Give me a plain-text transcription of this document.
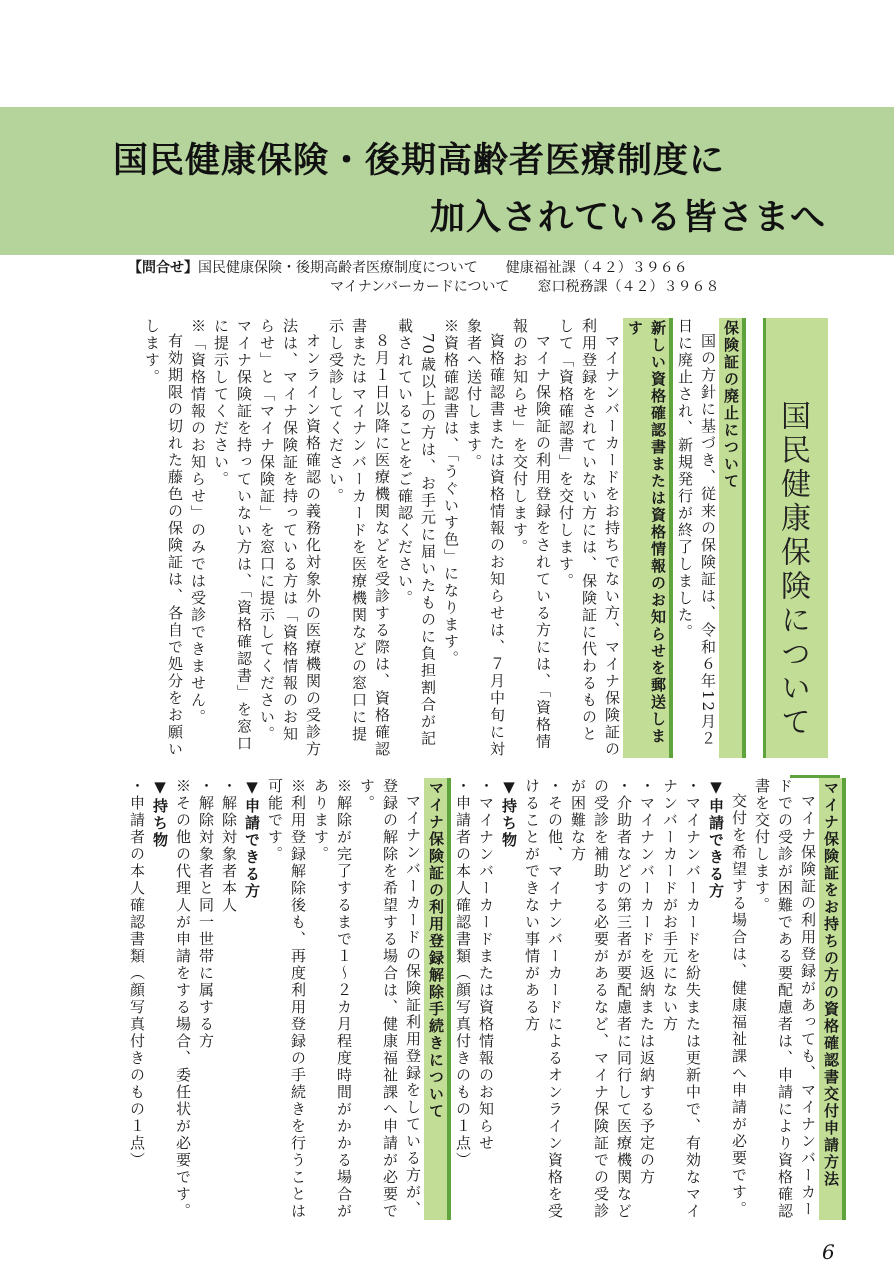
国民健康保険・後期高齢者医療制度に
加入されている皆さまへ
【問合せ】国民健康保険・後期高齢者医療制度について　　健康福祉課（４２）３９６６
マイナンバーカードについて　　窓口税務課（４２）３９６８
国民健康保険について
保険証の廃止について

国の方針に基づき、従来の保険証は、令和６年12月２日に廃止され、新規発行が終了しました。

新しい資格確認書または資格情報のお知らせを郵送します

マイナンバーカードをお持ちでない方、マイナ保険証の利用登録をされていない方には、保険証に代わるものとして「資格確認書」を交付します。

マイナ保険証の利用登録をされている方には、「資格情報のお知らせ」を交付します。

資格確認書または資格情報のお知らせは、７月中旬に対象者へ送付します。

※資格確認書は、「うぐいす色」になります。

70歳以上の方は、お手元に届いたものに負担割合が記載されていることをご確認ください。

８月１日以降に医療機関などを受診する際は、資格確認書またはマイナンバーカードを医療機関などの窓口に提示し受診してください。

オンライン資格確認の義務化対象外の医療機関の受診方法は、マイナ保険証を持っている方は「資格情報のお知らせ」と「マイナ保険証」を窓口に提示してください。マイナ保険証を持っていない方は、「資格確認書」を窓口に提示してください。

※「資格情報のお知らせ」のみでは受診できません。

有効期限の切れた藤色の保険証は、各自で処分をお願いします。

マイナ保険証をお持ちの方の資格確認書交付申請方法

マイナ保険証の利用登録があっても、マイナンバーカードでの受診が困難である要配慮者は、申請により資格確認書を交付します。

交付を希望する場合は、健康福祉課へ申請が必要です。

▼申請できる方

・マイナンバーカードを紛失または更新中で、有効なマイナンバーカードがお手元にない方

・マイナンバーカードを返納または返納する予定の方

・介助者などの第三者が要配慮者に同行して医療機関などの受診を補助する必要があるなど、マイナ保険証での受診が困難な方

・その他、マイナンバーカードによるオンライン資格を受けることができない事情がある方

▼持ち物

・マイナンバーカードまたは資格情報のお知らせ

・申請者の本人確認書類（顔写真付きのもの１点）

マイナ保険証の利用登録解除手続きについて

マイナンバーカードの保険証利用登録をしている方が、登録の解除を希望する場合は、健康福祉課へ申請が必要です。

※解除が完了するまで１～２カ月程度時間がかかる場合があります。

※利用登録解除後も、再度利用登録の手続きを行うことは可能です。

▼申請できる方

・解除対象者本人

・解除対象者と同一世帯に属する方

※その他の代理人が申請をする場合、委任状が必要です。

▼持ち物

・申請者の本人確認書類（顔写真付きのもの１点）

6
